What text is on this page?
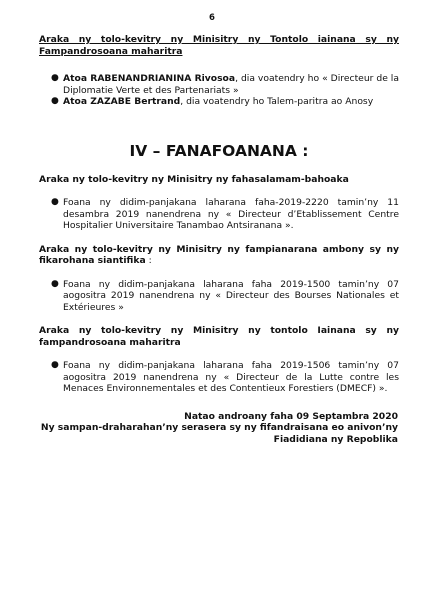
6
Araka ny tolo-kevitry ny Minisitry ny Tontolo iainana sy ny Fampandrosoana maharitra
● Atoa RABENANDRIANINA Rivosoa, dia voatendry ho « Directeur de la Diplomatie Verte et des Partenariats »
● Atoa ZAZABE Bertrand, dia voatendry ho Talem-paritra ao Anosy
IV – FANAFOANANA :
Araka ny tolo-kevitry ny Minisitry ny fahasalamam-bahoaka
● Foana ny didim-panjakana laharana faha-2019-2220 tamin’ny 11 desambra 2019 nanendrena ny « Directeur d’Etablissement Centre Hospitalier Universitaire Tanambao Antsiranana ».
Araka ny tolo-kevitry ny Minisitry ny fampianarana ambony sy ny fikarohana siantifika :
● Foana ny didim-panjakana laharana faha 2019-1500 tamin’ny 07 aogositra 2019 nanendrena ny « Directeur des Bourses Nationales et Extérieures »
Araka ny tolo-kevitry ny Minisitry ny tontolo Iainana sy ny fampandrosoana maharitra
● Foana ny didim-panjakana laharana faha 2019-1506 tamin’ny 07 aogositra 2019 nanendrena ny « Directeur de la Lutte contre les Menaces Environnementales et des Contentieux Forestiers (DMECF) ».
Natao androany faha 09 Septambra 2020
Ny sampan-draharahan’ny serasera sy ny fifandraisana eo anivon’ny
Fiadidiana ny Repoblika
